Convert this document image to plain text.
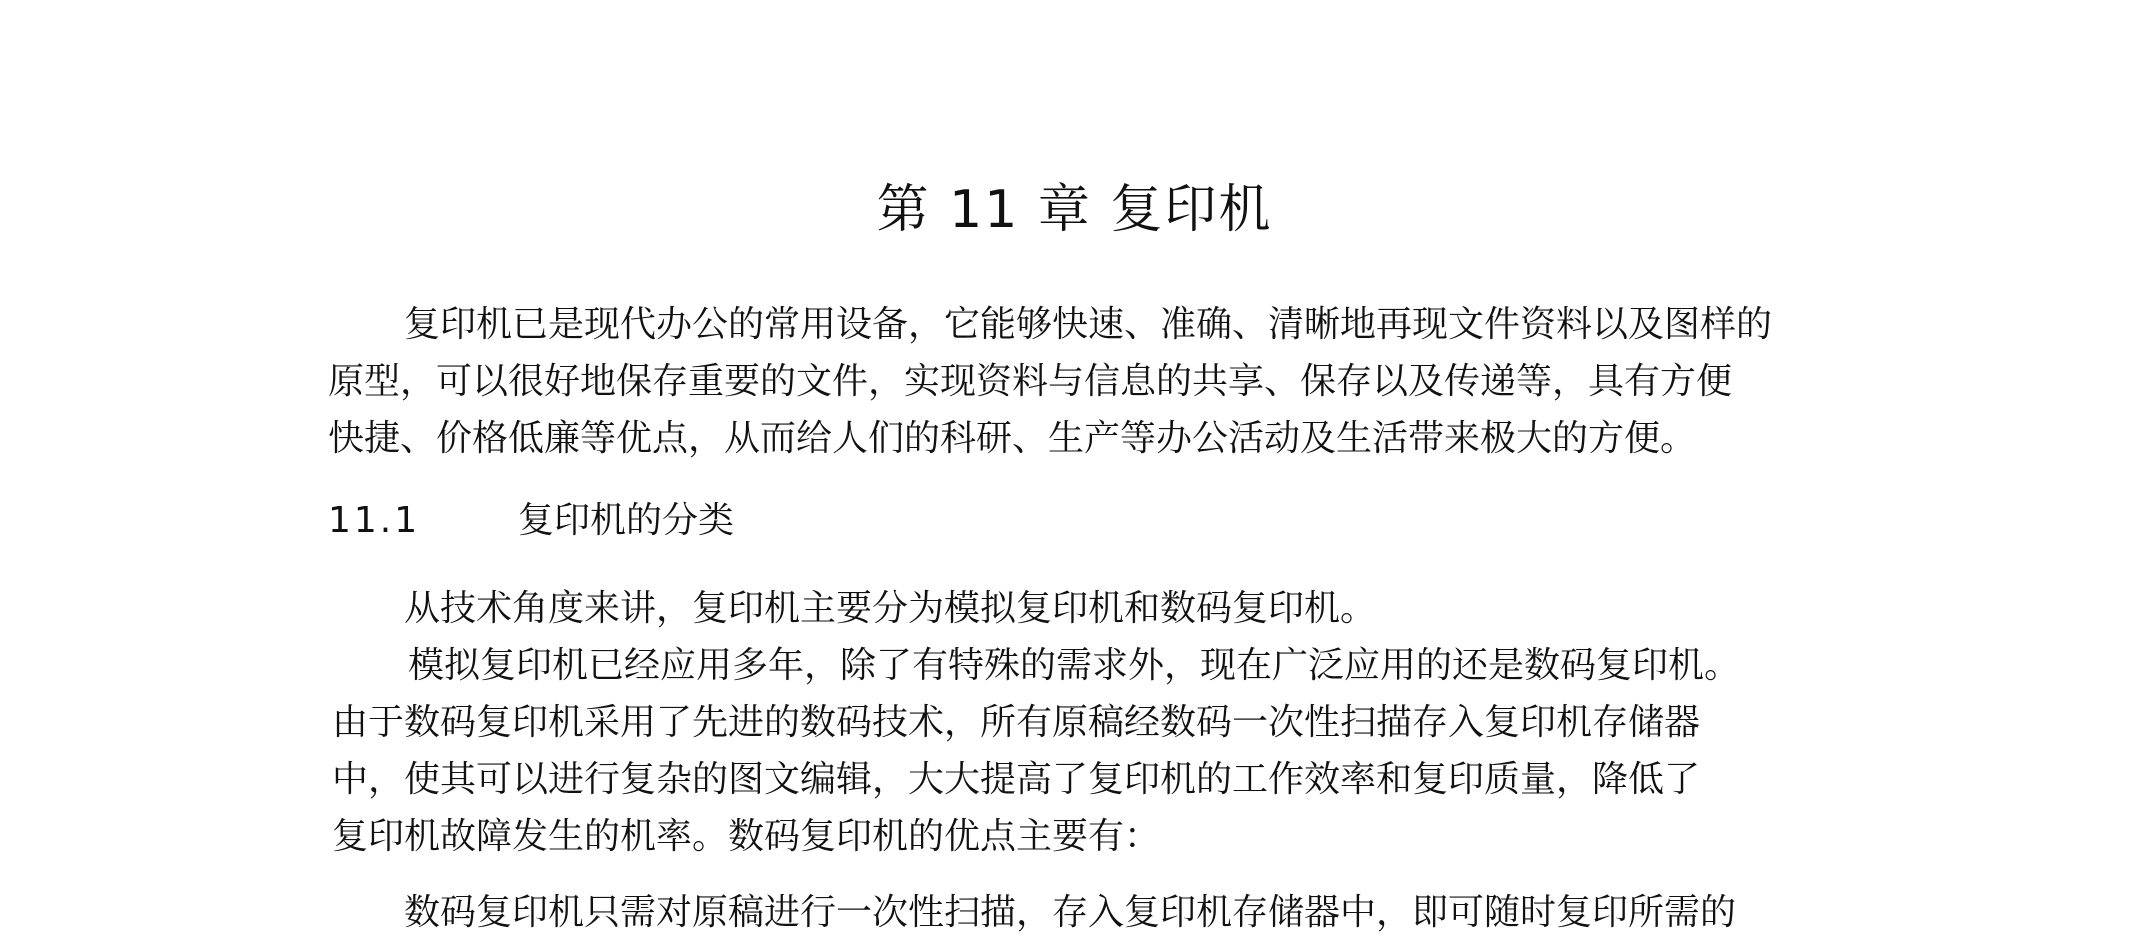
第 11 章 复印机
复印机已是现代办公的常用设备，它能够快速、准确、清晰地再现文件资料以及图样的
原型，可以很好地保存重要的文件，实现资料与信息的共享、保存以及传递等，具有方便
快捷、价格低廉等优点，从而给人们的科研、生产等办公活动及生活带来极大的方便。
11.1	复印机的分类
从技术角度来讲，复印机主要分为模拟复印机和数码复印机。
模拟复印机已经应用多年，除了有特殊的需求外，现在广泛应用的还是数码复印机。
由于数码复印机采用了先进的数码技术，所有原稿经数码一次性扫描存入复印机存储器
中，使其可以进行复杂的图文编辑，大大提高了复印机的工作效率和复印质量，降低了
复印机故障发生的机率。数码复印机的优点主要有：
数码复印机只需对原稿进行一次性扫描，存入复印机存储器中，即可随时复印所需的
